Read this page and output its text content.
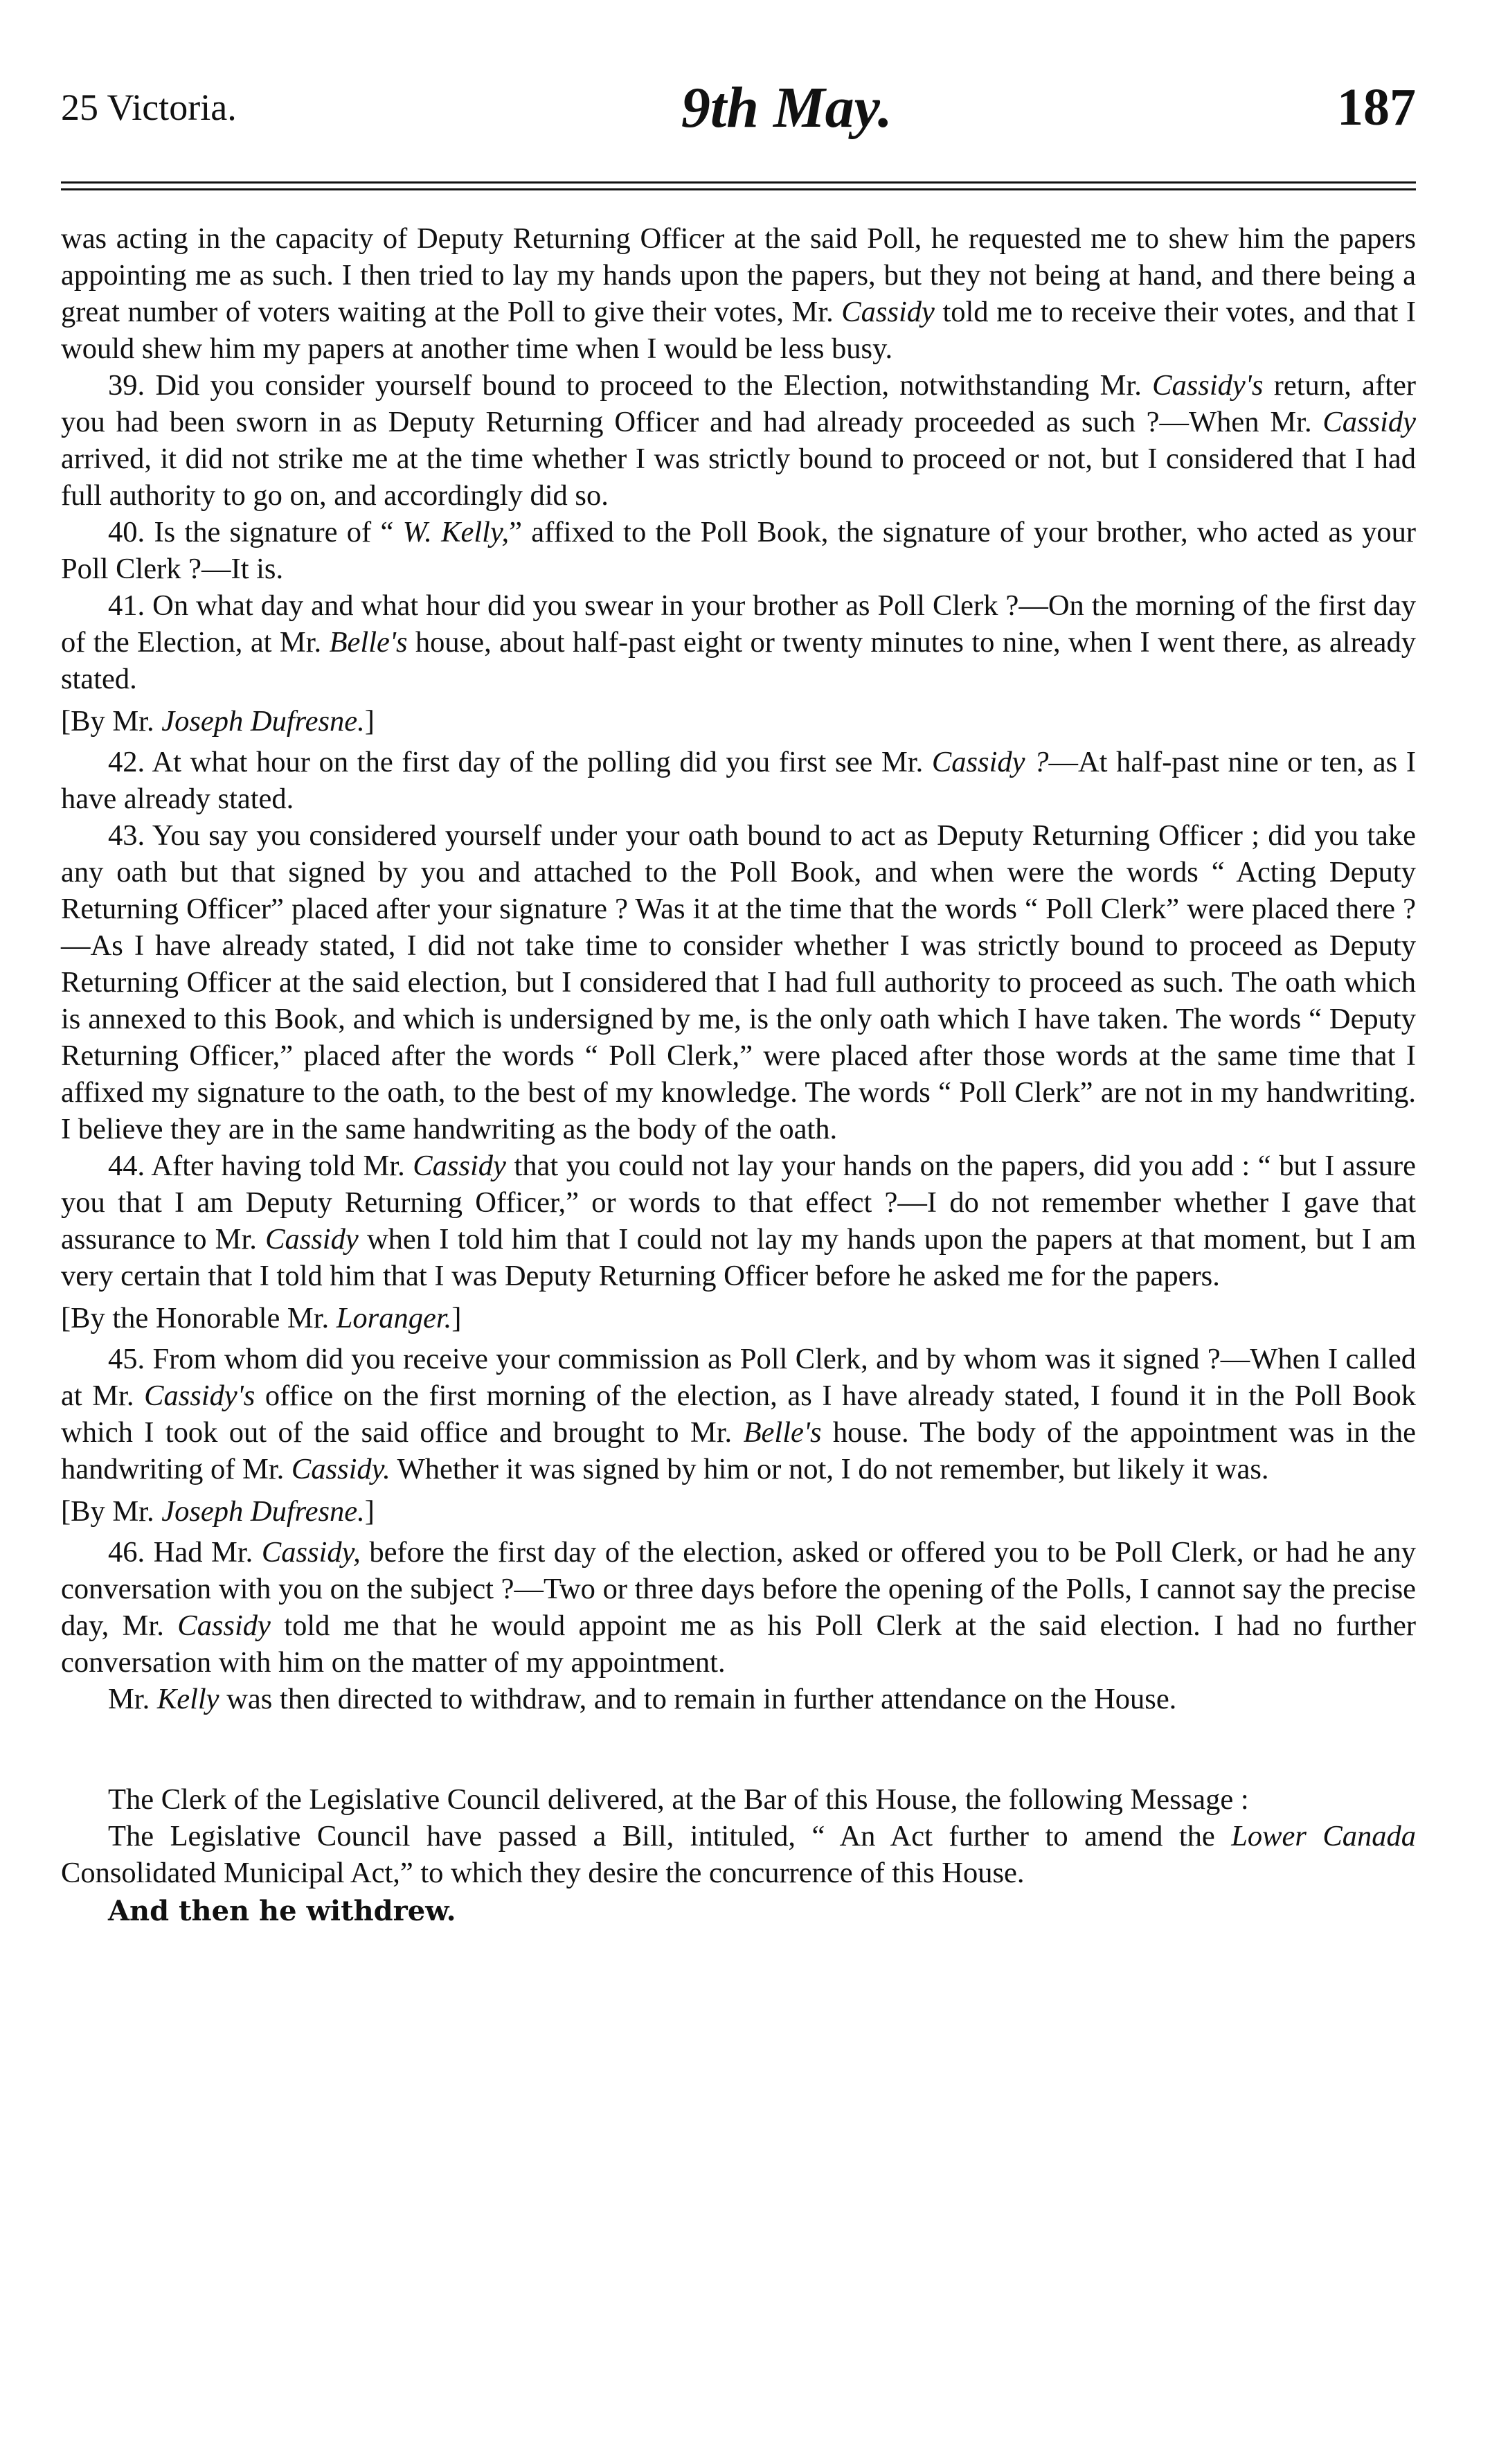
25 Victoria.	9th May.	187

was acting in the capacity of Deputy Returning Officer at the said Poll, he requested me to shew him the papers appointing me as such. I then tried to lay my hands upon the papers, but they not being at hand, and there being a great number of voters waiting at the Poll to give their votes, Mr. Cassidy told me to receive their votes, and that I would shew him my papers at another time when I would be less busy.

39. Did you consider yourself bound to proceed to the Election, notwithstanding Mr. Cassidy's return, after you had been sworn in as Deputy Returning Officer and had already proceeded as such ?—When Mr. Cassidy arrived, it did not strike me at the time whether I was strictly bound to proceed or not, but I considered that I had full authority to go on, and accordingly did so.

40. Is the signature of “ W. Kelly,” affixed to the Poll Book, the signature of your brother, who acted as your Poll Clerk ?—It is.

41. On what day and what hour did you swear in your brother as Poll Clerk ?—On the morning of the first day of the Election, at Mr. Belle's house, about half-past eight or twenty minutes to nine, when I went there, as already stated.

[By Mr. Joseph Dufresne.]

42. At what hour on the first day of the polling did you first see Mr. Cassidy ?—At half-past nine or ten, as I have already stated.

43. You say you considered yourself under your oath bound to act as Deputy Returning Officer ; did you take any oath but that signed by you and attached to the Poll Book, and when were the words “ Acting Deputy Returning Officer” placed after your signature ? Was it at the time that the words “ Poll Clerk” were placed there ?—As I have already stated, I did not take time to consider whether I was strictly bound to proceed as Deputy Returning Officer at the said election, but I considered that I had full authority to proceed as such. The oath which is annexed to this Book, and which is undersigned by me, is the only oath which I have taken. The words “ Deputy Returning Officer,” placed after the words “ Poll Clerk,” were placed after those words at the same time that I affixed my signature to the oath, to the best of my knowledge. The words “ Poll Clerk” are not in my handwriting. I believe they are in the same handwriting as the body of the oath.

44. After having told Mr. Cassidy that you could not lay your hands on the papers, did you add : “ but I assure you that I am Deputy Returning Officer,” or words to that effect ?—I do not remember whether I gave that assurance to Mr. Cassidy when I told him that I could not lay my hands upon the papers at that moment, but I am very certain that I told him that I was Deputy Returning Officer before he asked me for the papers.

[By the Honorable Mr. Loranger.]

45. From whom did you receive your commission as Poll Clerk, and by whom was it signed ?—When I called at Mr. Cassidy's office on the first morning of the election, as I have already stated, I found it in the Poll Book which I took out of the said office and brought to Mr. Belle's house. The body of the appointment was in the handwriting of Mr. Cassidy. Whether it was signed by him or not, I do not remember, but likely it was.

[By Mr. Joseph Dufresne.]

46. Had Mr. Cassidy, before the first day of the election, asked or offered you to be Poll Clerk, or had he any conversation with you on the subject ?—Two or three days before the opening of the Polls, I cannot say the precise day, Mr. Cassidy told me that he would appoint me as his Poll Clerk at the said election. I had no further conversation with him on the matter of my appointment.

Mr. Kelly was then directed to withdraw, and to remain in further attendance on the House.

The Clerk of the Legislative Council delivered, at the Bar of this House, the following Message :

The Legislative Council have passed a Bill, intituled, “ An Act further to amend the Lower Canada Consolidated Municipal Act,” to which they desire the concurrence of this House.

And then he withdrew.
